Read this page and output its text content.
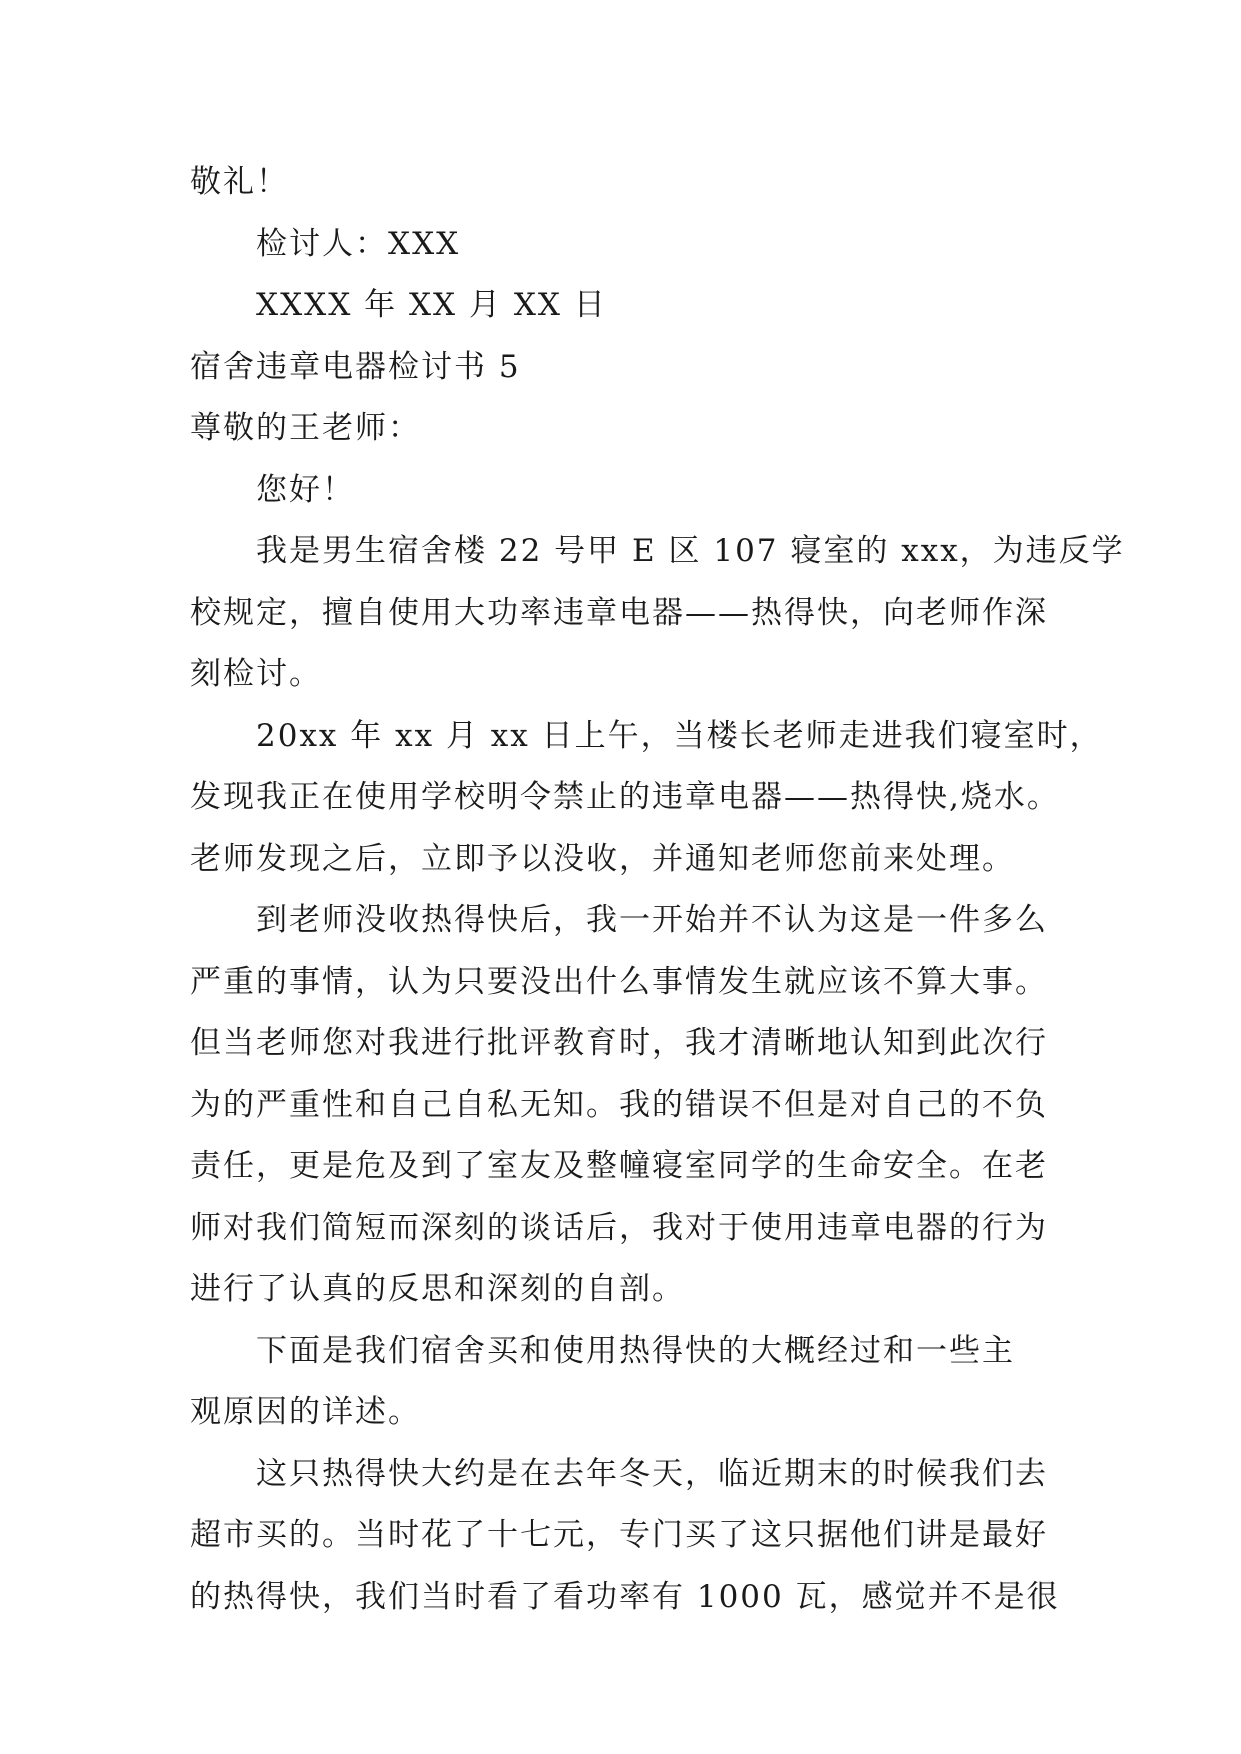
敬礼！
检讨人：XXX
XXXX 年 XX 月 XX 日
宿舍违章电器检讨书 5
尊敬的王老师：
您好！
我是男生宿舍楼 22 号甲 E 区 107 寝室的 xxx，为违反学
校规定，擅自使用大功率违章电器——热得快，向老师作深
刻检讨。
20xx 年 xx 月 xx 日上午，当楼长老师走进我们寝室时，
发现我正在使用学校明令禁止的违章电器——热得快,烧水。
老师发现之后，立即予以没收，并通知老师您前来处理。
到老师没收热得快后，我一开始并不认为这是一件多么
严重的事情，认为只要没出什么事情发生就应该不算大事。
但当老师您对我进行批评教育时，我才清晰地认知到此次行
为的严重性和自己自私无知。我的错误不但是对自己的不负
责任，更是危及到了室友及整幢寝室同学的生命安全。在老
师对我们简短而深刻的谈话后，我对于使用违章电器的行为
进行了认真的反思和深刻的自剖。
下面是我们宿舍买和使用热得快的大概经过和一些主
观原因的详述。
这只热得快大约是在去年冬天，临近期末的时候我们去
超市买的。当时花了十七元，专门买了这只据他们讲是最好
的热得快，我们当时看了看功率有 1000 瓦，感觉并不是很
